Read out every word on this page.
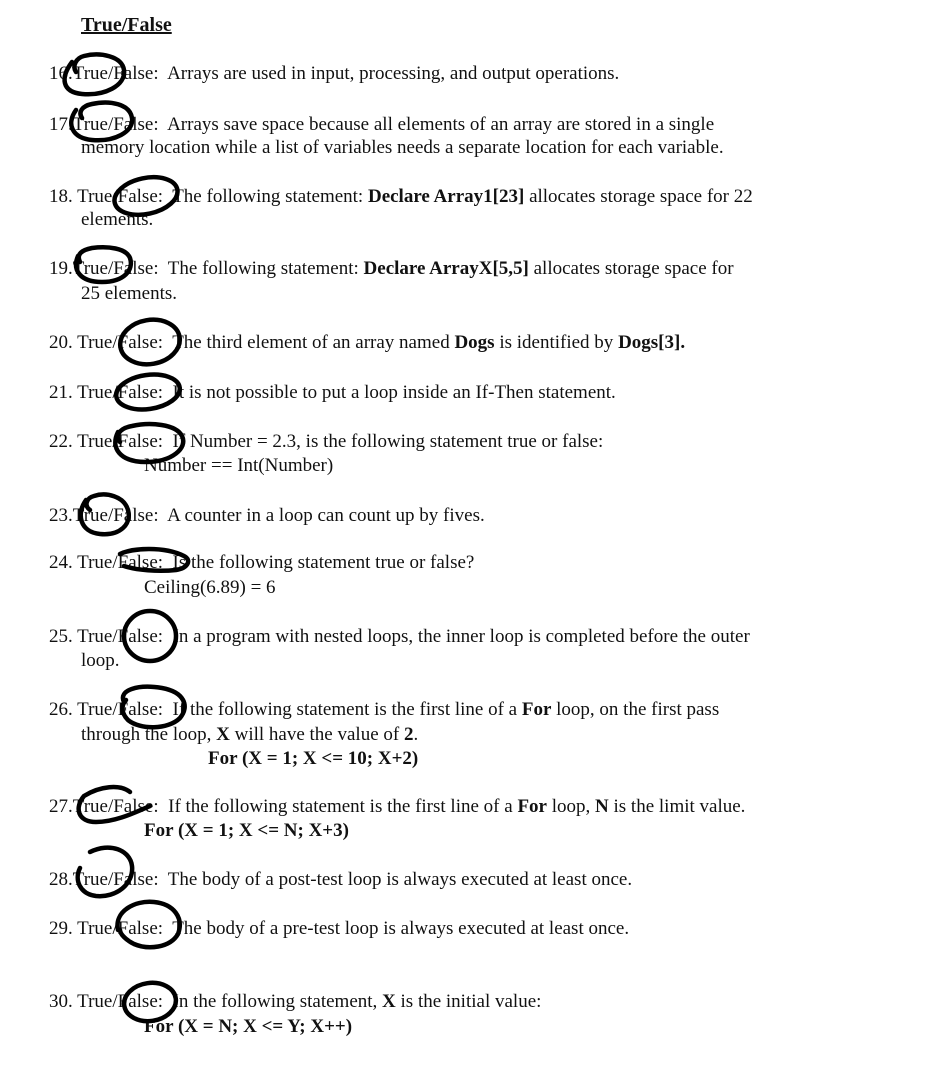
True/False
16.True/False:  Arrays are used in input, processing, and output operations.
17.True/False:  Arrays save space because all elements of an array are stored in a single
memory location while a list of variables needs a separate location for each variable.
18. True/False:  The following statement: Declare Array1[23] allocates storage space for 22
elements.
19.True/False:  The following statement: Declare ArrayX[5,5] allocates storage space for
25 elements.
20. True/False:  The third element of an array named Dogs is identified by Dogs[3].
21. True/False:  It is not possible to put a loop inside an If-Then statement.
22. True/False:  If Number = 2.3, is the following statement true or false:
Number == Int(Number)
23.True/False:  A counter in a loop can count up by fives.
24. True/False:  Is the following statement true or false?
Ceiling(6.89) = 6
25. True/False:  In a program with nested loops, the inner loop is completed before the outer
loop.
26. True/False:  If the following statement is the first line of a For loop, on the first pass
through the loop, X will have the value of 2.
For (X = 1; X <= 10; X+2)
27.True/False:  If the following statement is the first line of a For loop, N is the limit value.
For (X = 1; X <= N; X+3)
28.True/False:  The body of a post-test loop is always executed at least once.
29. True/False:  The body of a pre-test loop is always executed at least once.
30. True/False:  In the following statement, X is the initial value:
For (X = N; X <= Y; X++)
